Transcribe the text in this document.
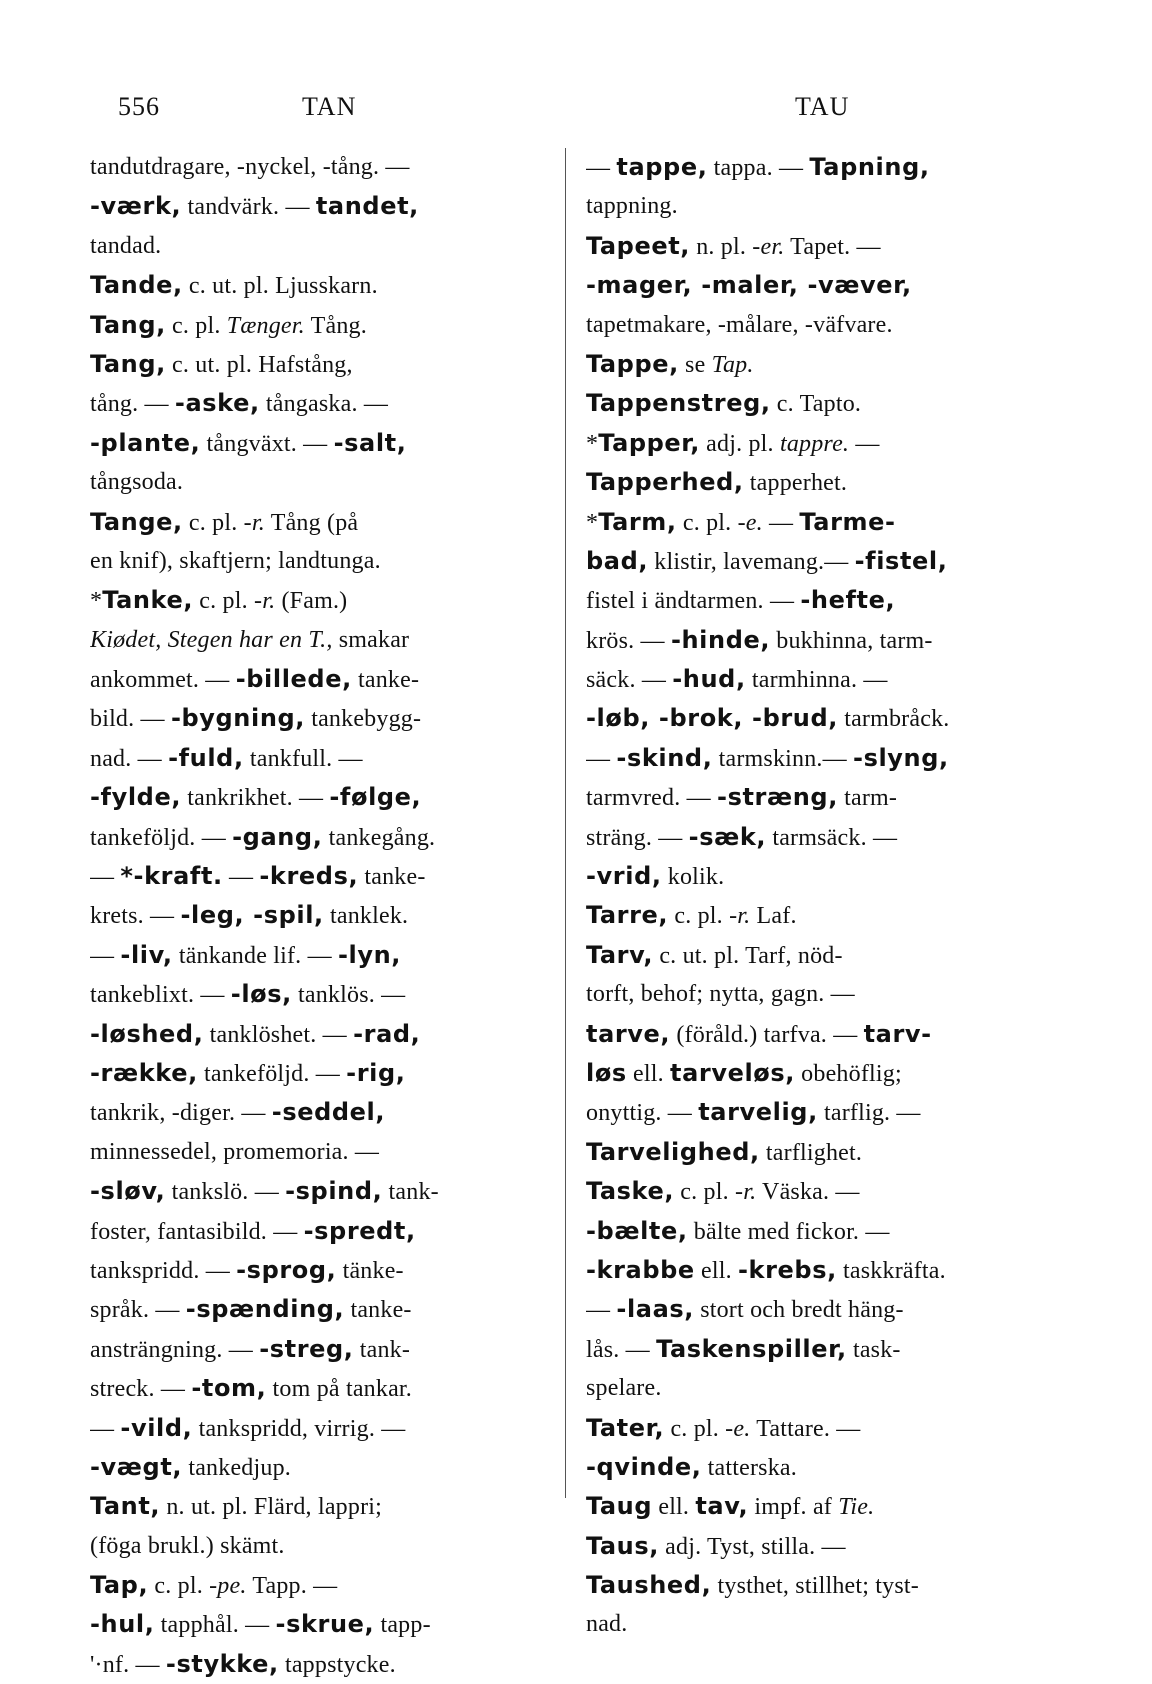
556	TAN	TAU
tandutdragare, -nyckel, -tång. —
-værk, tandvärk. — tandet,
tandad.
Tande, c. ut. pl. Ljusskarn.
Tang, c. pl. Tænger. Tång.
Tang, c. ut. pl. Hafstång,
tång. — -aske, tångaska. —
-plante, tångväxt. — -salt,
tångsoda.
Tange, c. pl. -r. Tång (på
en knif), skaftjern; landtunga.
*Tanke, c. pl. -r. (Fam.)
Kiødet, Stegen har en T., smakar
ankommet. — -billede, tanke-
bild. — -bygning, tankebygg-
nad. — -fuld, tankfull. —
-fylde, tankrikhet. — -følge,
tankeföljd. — -gang, tankegång.
— *-kraft. — -kreds, tanke-
krets. — -leg, -spil, tanklek.
— -liv, tänkande lif. — -lyn,
tankeblixt. — -løs, tanklös. —
-løshed, tanklöshet. — -rad,
-række, tankeföljd. — -rig,
tankrik, -diger. — -seddel,
minnessedel, promemoria. —
-sløv, tankslö. — -spind, tank-
foster, fantasibild. — -spredt,
tankspridd. — -sprog, tänke-
språk. — -spænding, tanke-
ansträngning. — -streg, tank-
streck. — -tom, tom på tankar.
— -vild, tankspridd, virrig. —
-vægt, tankedjup.
Tant, n. ut. pl. Flärd, lappri;
(föga brukl.) skämt.
Tap, c. pl. -pe. Tapp. —
-hul, tapphål. — -skrue, tapp-
'·nf. — -stykke, tappstycke.
— tappe, tappa. — Tapning,
tappning.
Tapeet, n. pl. -er. Tapet. —
-mager, -maler, -væver,
tapetmakare, -målare, -väfvare.
Tappe, se Tap.
Tappenstreg, c. Tapto.
*Tapper, adj. pl. tappre. —
Tapperhed, tapperhet.
*Tarm, c. pl. -e. — Tarme-
bad, klistir, lavemang.— -fistel,
fistel i ändtarmen. — -hefte,
krös. — -hinde, bukhinna, tarm-
säck. — -hud, tarmhinna. —
-løb, -brok, -brud, tarmbråck.
— -skind, tarmskinn.— -slyng,
tarmvred. — -stræng, tarm-
sträng. — -sæk, tarmsäck. —
-vrid, kolik.
Tarre, c. pl. -r. Laf.
Tarv, c. ut. pl. Tarf, nöd-
torft, behof; nytta, gagn. —
tarve, (föråld.) tarfva. — tarv-
løs ell. tarveløs, obehöflig;
onyttig. — tarvelig, tarflig. —
Tarvelighed, tarflighet.
Taske, c. pl. -r. Väska. —
-bælte, bälte med fickor. —
-krabbe ell. -krebs, taskkräfta.
— -laas, stort och bredt häng-
lås. — Taskenspiller, task-
spelare.
Tater, c. pl. -e. Tattare. —
-qvinde, tatterska.
Taug ell. tav, impf. af Tie.
Taus, adj. Tyst, stilla. —
Taushed, tysthet, stillhet; tyst-
nad.
